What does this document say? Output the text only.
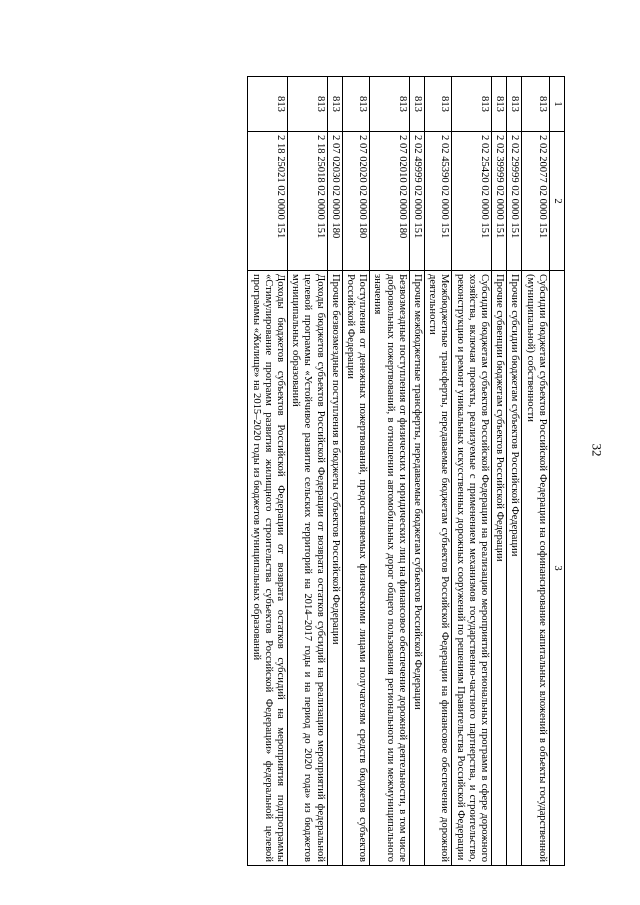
32
1	2	3
813	2 02 20077 02 0000 151	Субсидии бюджетам субъектов Российской Федерации на софинансирование капитальных вложений в объекты государственной (муниципальной) собственности
813	2 02 29999 02 0000 151	Прочие субсидии бюджетам субъектов Российской Федерации
813	2 02 39999 02 0000 151	Прочие субвенции бюджетам субъектов Российской Федерации
813	2 02 25420 02 0000 151	Субсидии бюджетам субъектов Российской Федерации на реализацию мероприятий региональных программ в сфере дорожного хозяйства, включая проекты, реализуемые с применением механизмов государственно-частного партнерства, и строительство, реконструкцию и ремонт уникальных искусственных дорожных сооружений по решениям Правительства Российской Федерации
813	2 02 45390 02 0000 151	Межбюджетные трансферты, передаваемые бюджетам субъектов Российской Федерации на финансовое обеспечение дорожной деятельности
813	2 02 49999 02 0000 151	Прочие межбюджетные трансферты, передаваемые бюджетам субъектов Российской Федерации
813	2 07 02010 02 0000 180	Безвозмездные поступления от физических и юридических лиц на финансовое обеспечение дорожной деятельности, в том числе добровольных пожертвований, в отношении автомобильных дорог общего пользования регионального или межмуниципального значения
813	2 07 02020 02 0000 180	Поступления от денежных пожертвований, предоставляемых физическими лицами получателям средств бюджетов субъектов Российской Федерации
813	2 07 02030 02 0000 180	Прочие безвозмездные поступления в бюджеты субъектов Российской Федерации
813	2 18 25018 02 0000 151	Доходы бюджетов субъектов Российской Федерации от возврата остатков субсидий на реализацию мероприятий федеральной целевой программы «Устойчивое развитие сельских территорий на 2014–2017 годы и на период до 2020 года» из бюджетов муниципальных образований
813	2 18 25021 02 0000 151	Доходы бюджетов субъектов Российской Федерации от возврата остатков субсидий на мероприятия подпрограммы «Стимулирование программ развития жилищного строительства субъектов Российской Федерации» федеральной целевой программы «Жилище» на 2015–2020 годы из бюджетов муниципальных образований
